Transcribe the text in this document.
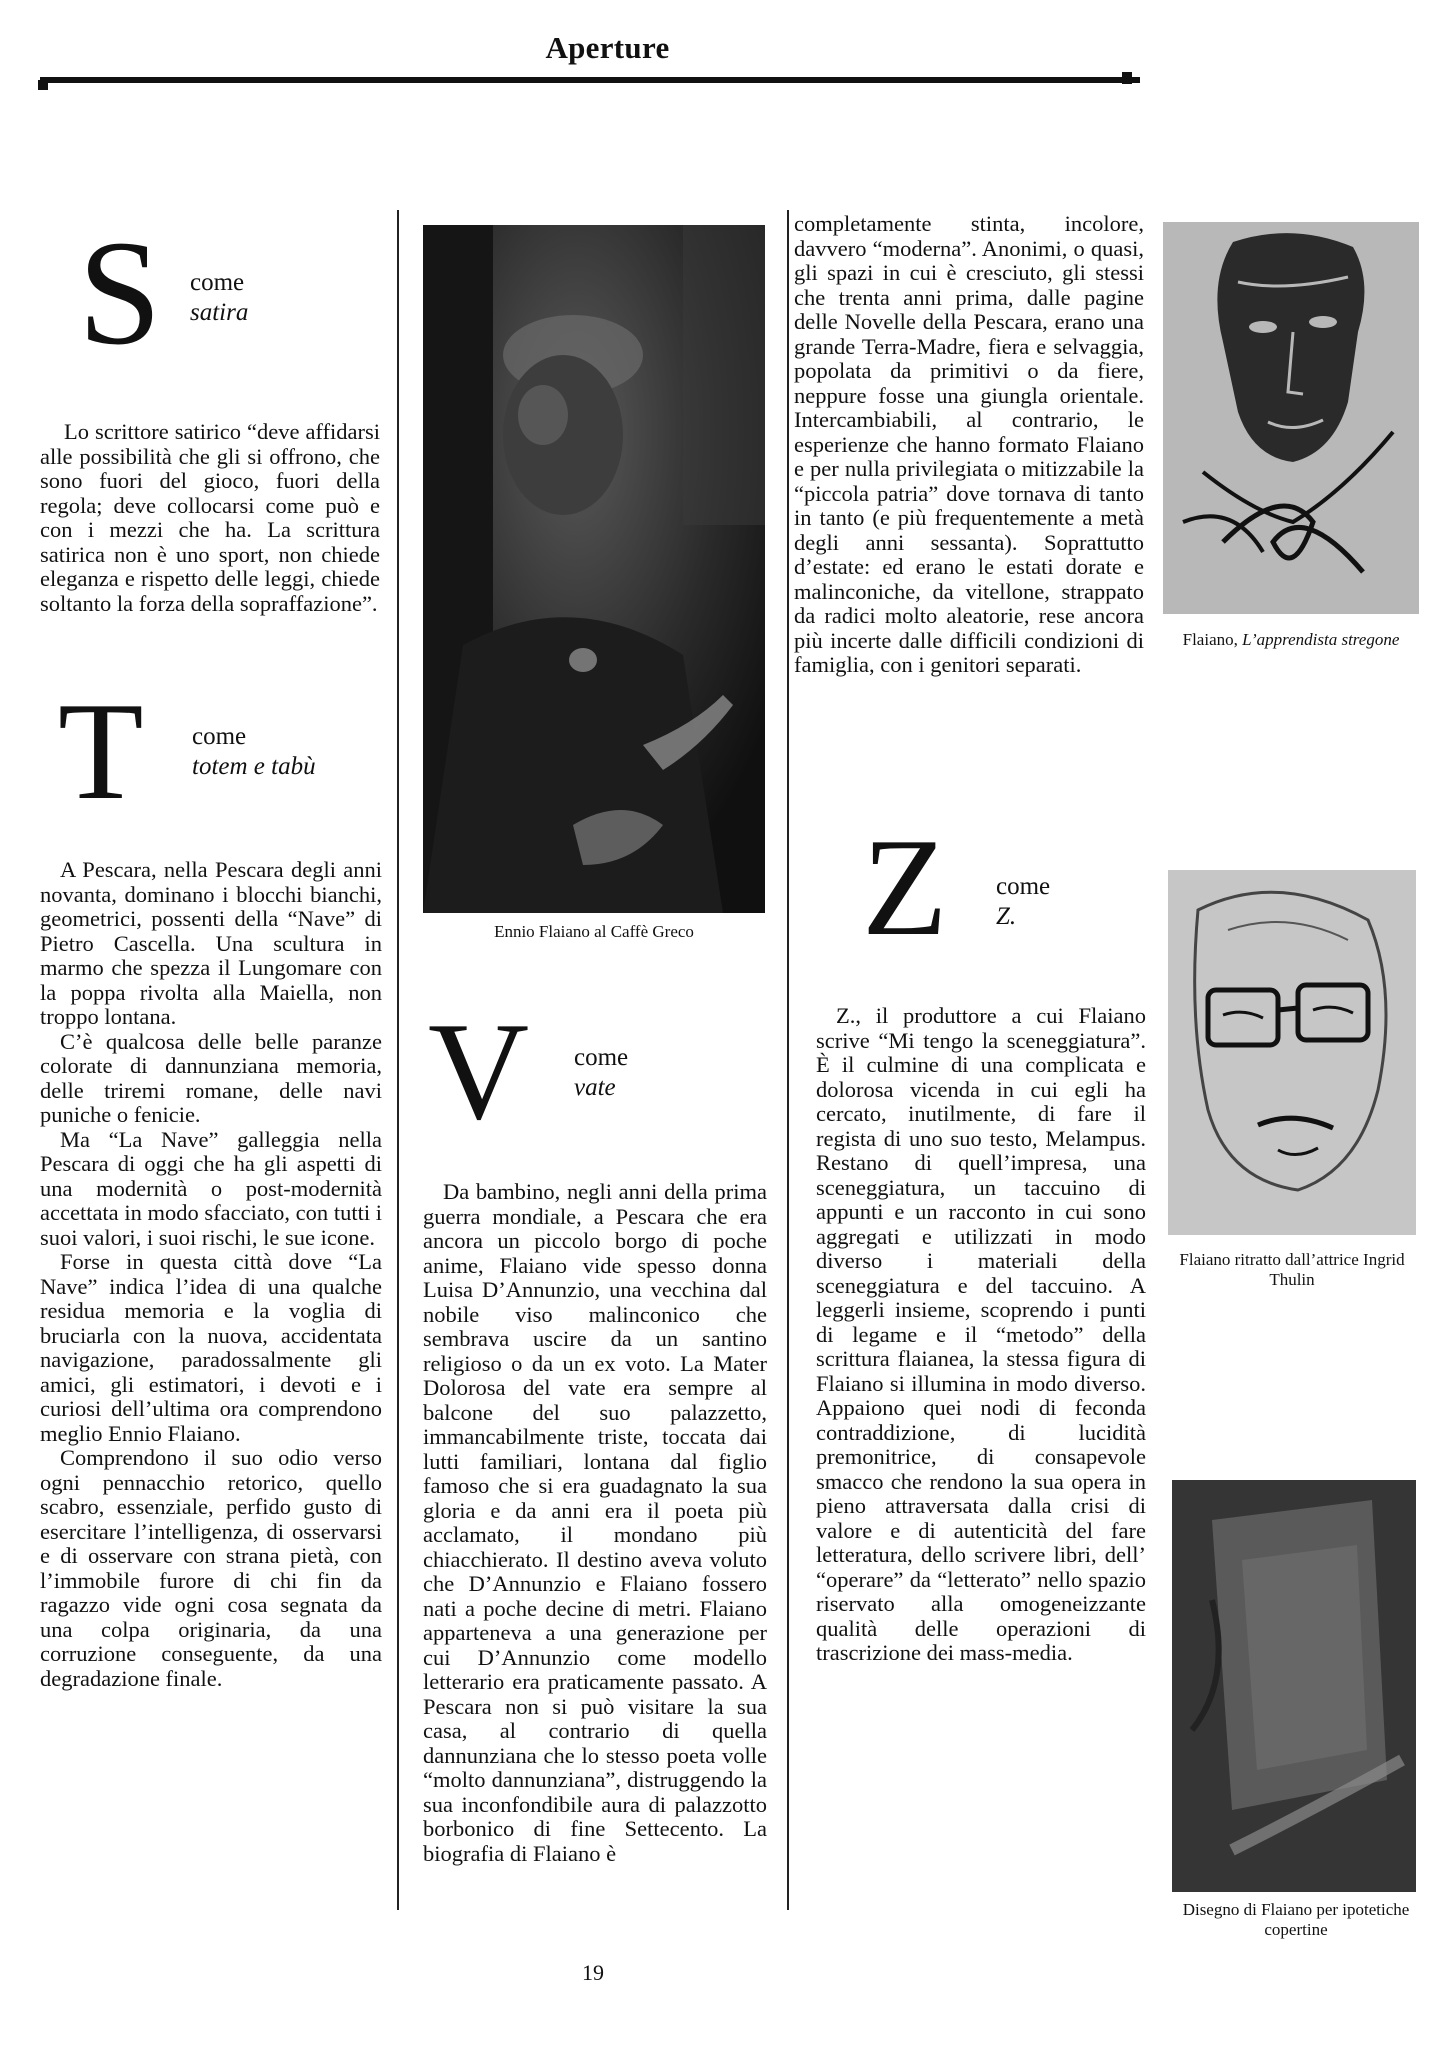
Aperture
S come
satira

Lo scrittore satirico “deve affidarsi alle possibilità che gli si offrono, che sono fuori del gioco, fuori della regola; deve collocarsi come può e con i mezzi che ha. La scrittura satirica non è uno sport, non chiede eleganza e rispetto delle leggi, chiede soltanto la forza della sopraffazione”.

T come
totem e tabù

A Pescara, nella Pescara degli anni novanta, dominano i blocchi bianchi, geometrici, possenti della “Nave” di Pietro Cascella. Una scultura in marmo che spezza il Lungomare con la poppa rivolta alla Maiella, non troppo lontana.

C’è qualcosa delle belle paranze colorate di dannunziana memoria, delle triremi romane, delle navi puniche o fenicie.

Ma “La Nave” galleggia nella Pescara di oggi che ha gli aspetti di una modernità o post-modernità accettata in modo sfacciato, con tutti i suoi valori, i suoi rischi, le sue icone.

Forse in questa città dove “La Nave” indica l’idea di una qualche residua memoria e la voglia di bruciarla con la nuova, accidentata navigazione, paradossalmente gli amici, gli estimatori, i devoti e i curiosi dell’ultima ora comprendono meglio Ennio Flaiano.

Comprendono il suo odio verso ogni pennacchio retorico, quello scabro, essenziale, perfido gusto di esercitare l’intelligenza, di osservarsi e di osservare con strana pietà, con l’immobile furore di chi fin da ragazzo vide ogni cosa segnata da una colpa originaria, da una corruzione conseguente, da una degradazione finale.

Ennio Flaiano al Caffè Greco
V come
vate

Da bambino, negli anni della prima guerra mondiale, a Pescara che era ancora un piccolo borgo di poche anime, Flaiano vide spesso donna Luisa D’Annunzio, una vecchina dal nobile viso malinconico che sembrava uscire da un santino religioso o da un ex voto. La Mater Dolorosa del vate era sempre al balcone del suo palazzetto, immancabilmente triste, toccata dai lutti familiari, lontana dal figlio famoso che si era guadagnato la sua gloria e da anni era il poeta più acclamato, il mondano più chiacchierato. Il destino aveva voluto che D’Annunzio e Flaiano fossero nati a poche decine di metri. Flaiano apparteneva a una generazione per cui D’Annunzio come modello letterario era praticamente passato. A Pescara non si può visitare la sua casa, al contrario di quella dannunziana che lo stesso poeta volle “molto dannunziana”, distruggendo la sua inconfondibile aura di palazzotto borbonico di fine Settecento. La biografia di Flaiano è

completamente stinta, incolore, davvero “moderna”. Anonimi, o quasi, gli spazi in cui è cresciuto, gli stessi che trenta anni prima, dalle pagine delle Novelle della Pescara, erano una grande Terra-Madre, fiera e selvaggia, popolata da primitivi o da fiere, neppure fosse una giungla orientale. Intercambiabili, al contrario, le esperienze che hanno formato Flaiano e per nulla privilegiata o mitizzabile la “piccola patria” dove tornava di tanto in tanto (e più frequentemente a metà degli anni sessanta). Soprattutto d’estate: ed erano le estati dorate e malinconiche, da vitellone, strappato da radici molto aleatorie, rese ancora più incerte dalle difficili condizioni di famiglia, con i genitori separati.

Z come
Z.

Z., il produttore a cui Flaiano scrive “Mi tengo la sceneggiatura”. È il culmine di una complicata e dolorosa vicenda in cui egli ha cercato, inutilmente, di fare il regista di uno suo testo, Melampus. Restano di quell’impresa, una sceneggiatura, un taccuino di appunti e un racconto in cui sono aggregati e utilizzati in modo diverso i materiali della sceneggiatura e del taccuino. A leggerli insieme, scoprendo i punti di legame e il “metodo” della scrittura flaianea, la stessa figura di Flaiano si illumina in modo diverso. Appaiono quei nodi di feconda contraddizione, di lucidità premonitrice, di consapevole smacco che rendono la sua opera in pieno attraversata dalla crisi di valore e di autenticità del fare letteratura, dello scrivere libri, dell’ “operare” da “letterato” nello spazio riservato alla omogeneizzante qualità delle operazioni di trascrizione dei mass-media.

Flaiano, L’apprendista stregone
Flaiano ritratto dall’attrice Ingrid Thulin
Disegno di Flaiano per ipotetiche copertine
19
